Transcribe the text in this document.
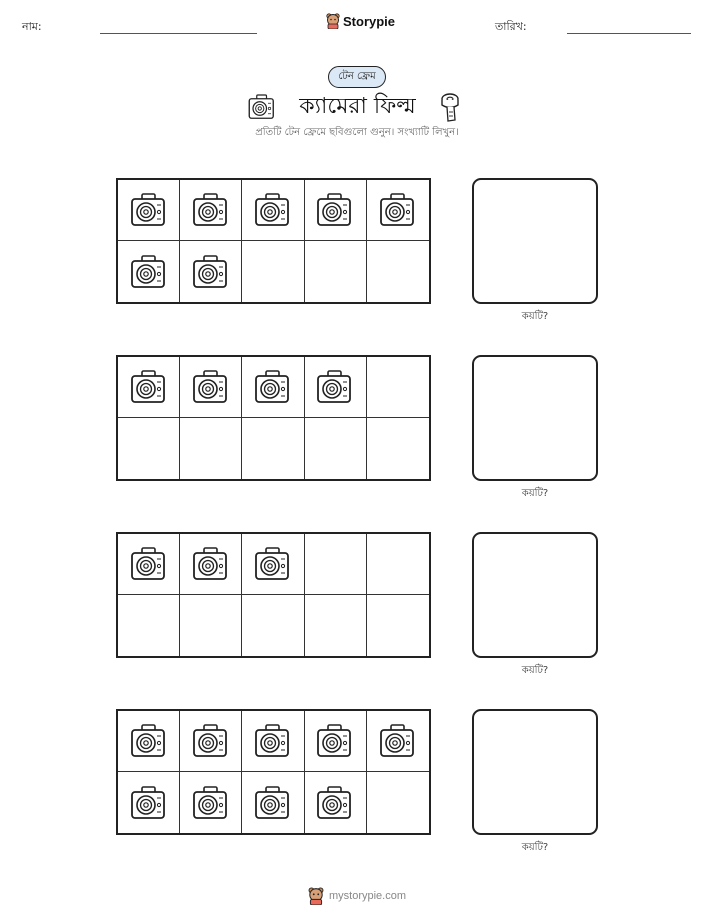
নাম:	Storypie	তারিখ:
টেন ফ্রেম
ক্যামেরা ফিল্ম
প্রতিটি টেন ফ্রেমে ছবিগুলো গুনুন। সংখ্যাটি লিখুন।
কয়টি?
কয়টি?
কয়টি?
কয়টি?
mystorypie.com
